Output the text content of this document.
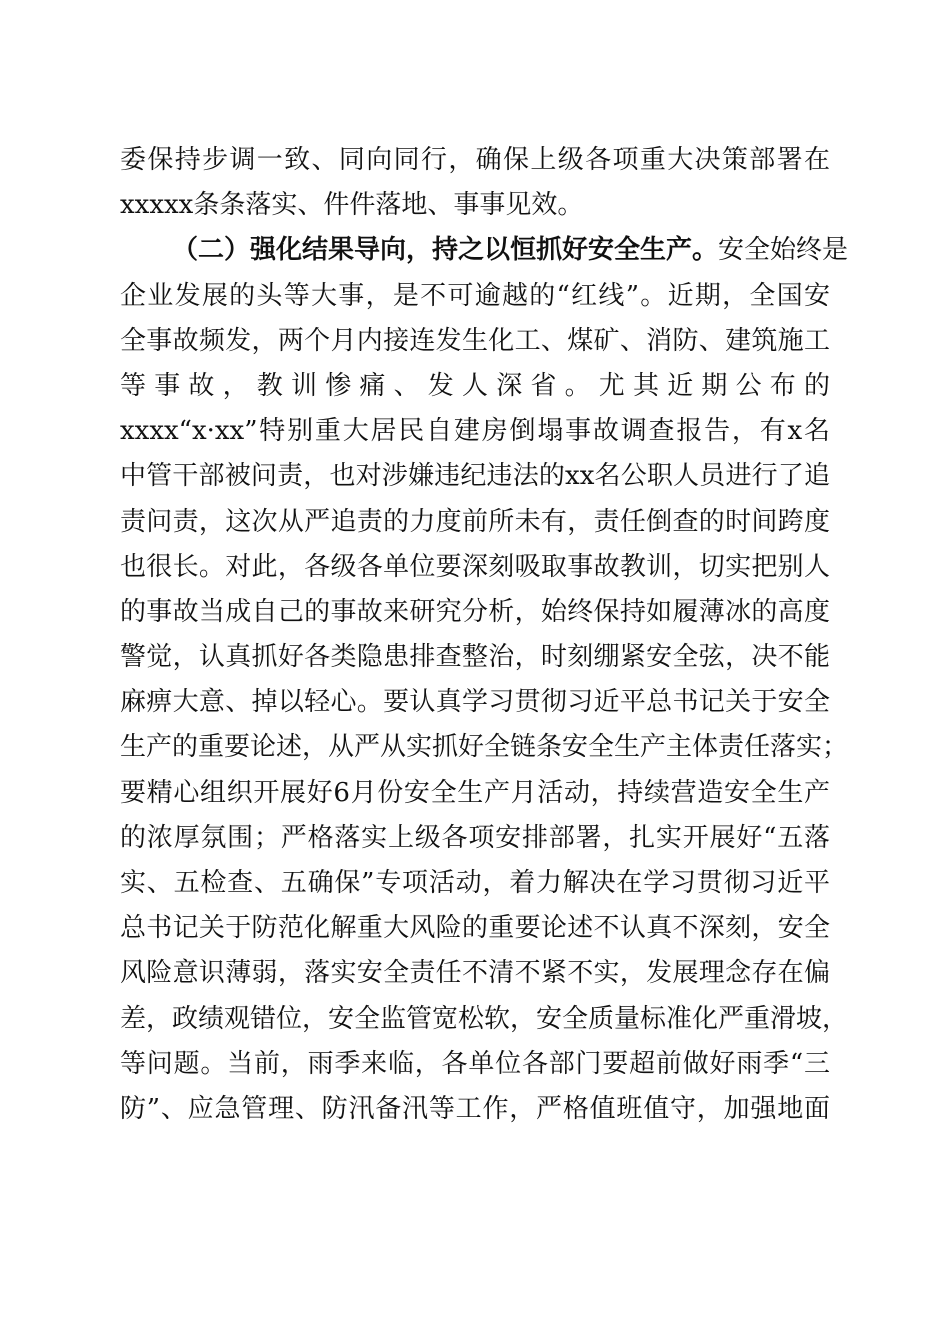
委保持步调一致、同向同行，确保上级各项重大决策部署在
xxxxx条条落实、件件落地、事事见效。
（二）强化结果导向，持之以恒抓好安全生产。安全始终是
企业发展的头等大事，是不可逾越的“红线”。近期，全国安
全事故频发，两个月内接连发生化工、煤矿、消防、建筑施工
等事故，教训惨痛、发人深省。尤其近期公布的
xxxx“x·xx”特别重大居民自建房倒塌事故调查报告，有x名
中管干部被问责，也对涉嫌违纪违法的xx名公职人员进行了追
责问责，这次从严追责的力度前所未有，责任倒查的时间跨度
也很长。对此，各级各单位要深刻吸取事故教训，切实把别人
的事故当成自己的事故来研究分析，始终保持如履薄冰的高度
警觉，认真抓好各类隐患排查整治，时刻绷紧安全弦，决不能
麻痹大意、掉以轻心。要认真学习贯彻习近平总书记关于安全
生产的重要论述，从严从实抓好全链条安全生产主体责任落实；
要精心组织开展好6月份安全生产月活动，持续营造安全生产
的浓厚氛围；严格落实上级各项安排部署，扎实开展好“五落
实、五检查、五确保”专项活动，着力解决在学习贯彻习近平
总书记关于防范化解重大风险的重要论述不认真不深刻，安全
风险意识薄弱，落实安全责任不清不紧不实，发展理念存在偏
差，政绩观错位，安全监管宽松软，安全质量标准化严重滑坡，
等问题。当前，雨季来临，各单位各部门要超前做好雨季“三
防”、应急管理、防汛备汛等工作，严格值班值守，加强地面
